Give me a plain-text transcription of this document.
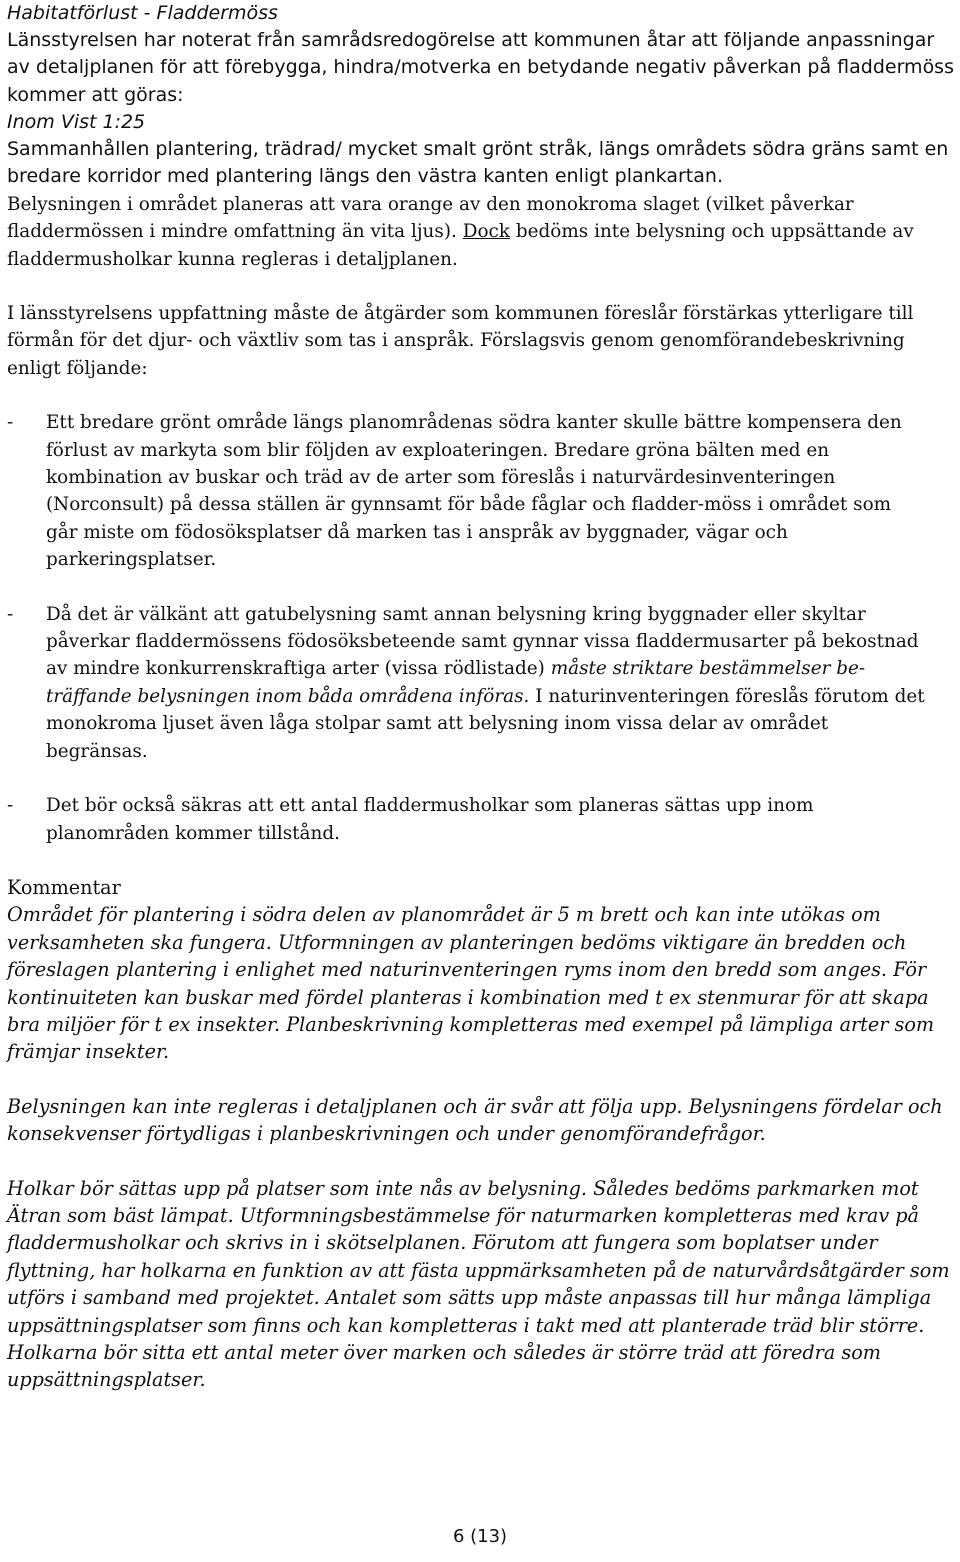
Habitatförlust - Fladdermöss

Länsstyrelsen har noterat från samrådsredogörelse att kommunen åtar att följande anpassningar av detaljplanen för att förebygga, hindra/motverka en betydande negativ påverkan på fladdermöss kommer att göras:

Inom Vist 1:25

Sammanhållen plantering, trädrad/ mycket smalt grönt stråk, längs områdets södra gräns samt en bredare korridor med plantering längs den västra kanten enligt plankartan.

Belysningen i området planeras att vara orange av den monokroma slaget (vilket påverkar fladdermössen i mindre omfattning än vita ljus). Dock bedöms inte belysning och uppsättande av fladdermusholkar kunna regleras i detaljplanen.

I länsstyrelsens uppfattning måste de åtgärder som kommunen föreslår förstärkas ytterligare till förmån för det djur- och växtliv som tas i anspråk. Förslagsvis genom genomförandebeskrivning enligt följande:

-	Ett bredare grönt område längs planområdenas södra kanter skulle bättre kompensera den förlust av markyta som blir följden av exploateringen. Bredare gröna bälten med en kombination av buskar och träd av de arter som föreslås i naturvärdesinventeringen (Norconsult) på dessa ställen är gynnsamt för både fåglar och fladder-möss i området som går miste om födosöksplatser då marken tas i anspråk av byggnader, vägar och parkeringsplatser.

-	Då det är välkänt att gatubelysning samt annan belysning kring byggnader eller skyltar påverkar fladdermössens födosöksbeteende samt gynnar vissa fladdermusarter på bekostnad av mindre konkurrenskraftiga arter (vissa rödlistade) måste striktare bestämmelser be-träffande belysningen inom båda områdena införas. I naturinventeringen föreslås förutom det monokroma ljuset även låga stolpar samt att belysning inom vissa delar av området begränsas.

-	Det bör också säkras att ett antal fladdermusholkar som planeras sättas upp inom planområden kommer tillstånd.

Kommentar

Området för plantering i södra delen av planområdet är 5 m brett och kan inte utökas om verksamheten ska fungera. Utformningen av planteringen bedöms viktigare än bredden och föreslagen plantering i enlighet med naturinventeringen ryms inom den bredd som anges. För kontinuiteten kan buskar med fördel planteras i kombination med t ex stenmurar för att skapa bra miljöer för t ex insekter. Planbeskrivning kompletteras med exempel på lämpliga arter som främjar insekter.

Belysningen kan inte regleras i detaljplanen och är svår att följa upp. Belysningens fördelar och konsekvenser förtydligas i planbeskrivningen och under genomförandefrågor.

Holkar bör sättas upp på platser som inte nås av belysning. Således bedöms parkmarken mot Ätran som bäst lämpat. Utformningsbestämmelse för naturmarken kompletteras med krav på fladdermusholkar och skrivs in i skötselplanen. Förutom att fungera som boplatser under flyttning, har holkarna en funktion av att fästa uppmärksamheten på de naturvårdsåtgärder som utförs i samband med projektet. Antalet som sätts upp måste anpassas till hur många lämpliga uppsättningsplatser som finns och kan kompletteras i takt med att planterade träd blir större. Holkarna bör sitta ett antal meter över marken och således är större träd att föredra som uppsättningsplatser.

6 (13)
